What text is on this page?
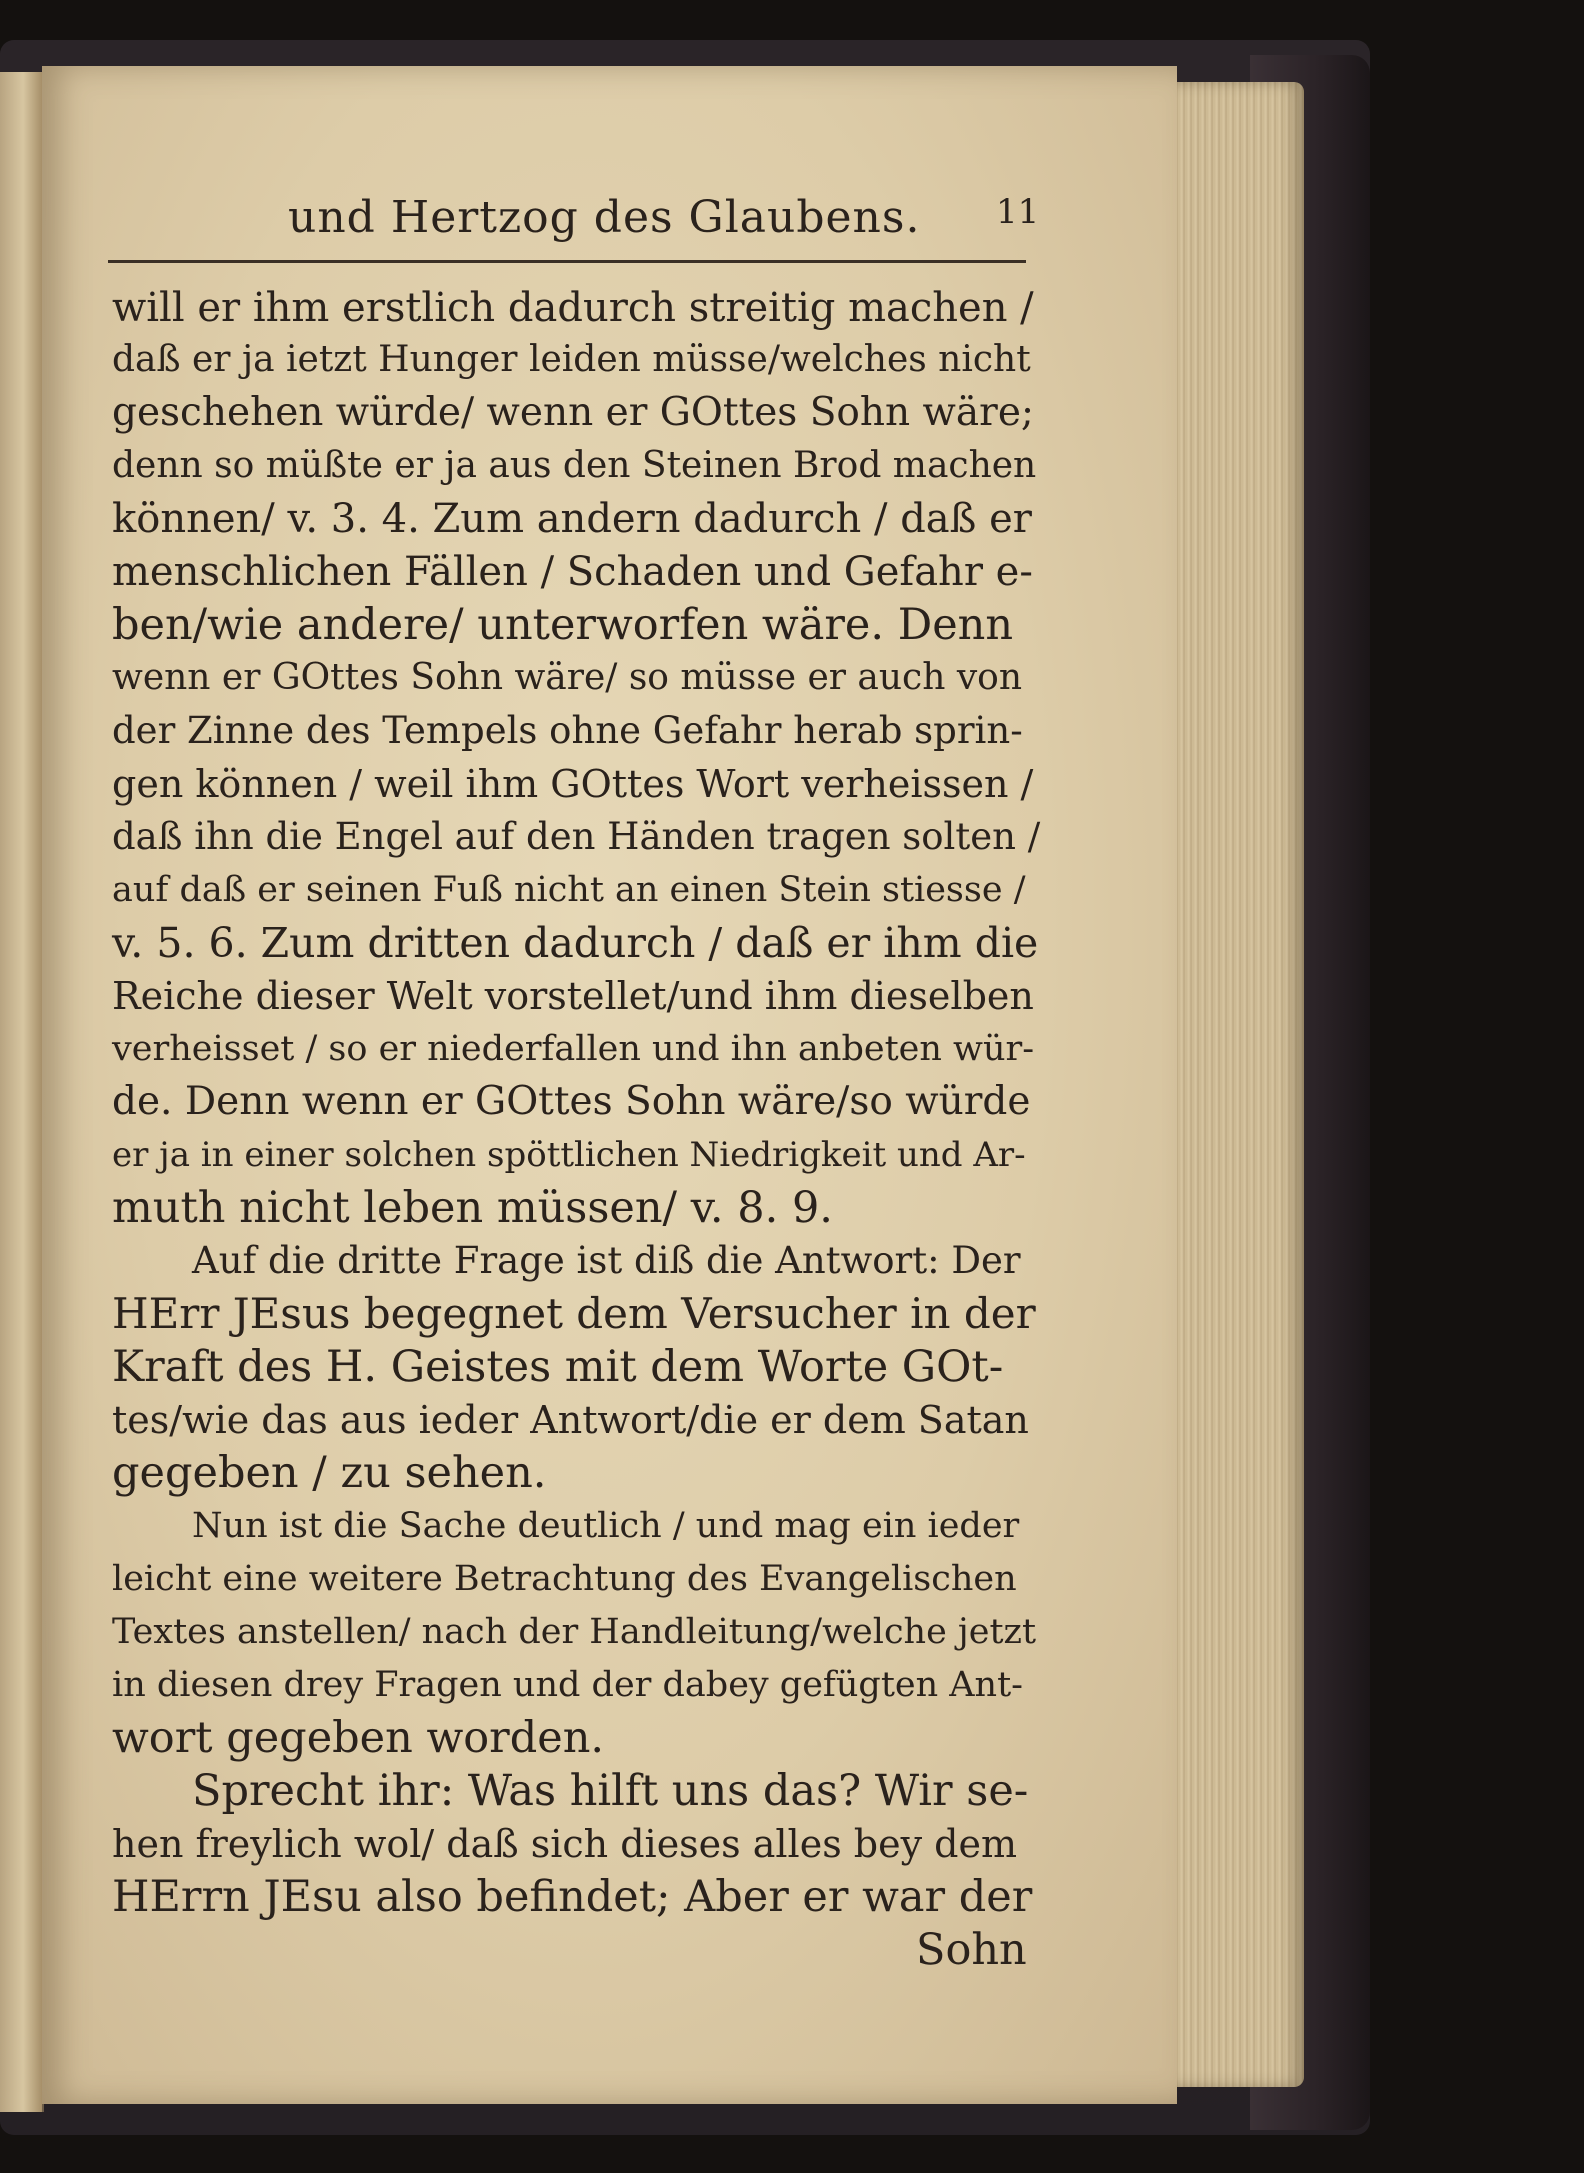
und Hertzog des Glaubens. 11

will er ihm erstlich dadurch streitig machen /

daß er ja ietzt Hunger leiden müsse/welches nicht

geschehen würde/ wenn er GOttes Sohn wäre;

denn so müßte er ja aus den Steinen Brod machen

können/ v. 3. 4. Zum andern dadurch / daß er

menschlichen Fällen / Schaden und Gefahr e-

ben/wie andere/ unterworfen wäre. Denn

wenn er GOttes Sohn wäre/ so müsse er auch von

der Zinne des Tempels ohne Gefahr herab sprin-

gen können / weil ihm GOttes Wort verheissen /

daß ihn die Engel auf den Händen tragen solten /

auf daß er seinen Fuß nicht an einen Stein stiesse /

v. 5. 6. Zum dritten dadurch / daß er ihm die

Reiche dieser Welt vorstellet/und ihm dieselben

verheisset / so er niederfallen und ihn anbeten wür-

de. Denn wenn er GOttes Sohn wäre/so würde

er ja in einer solchen spöttlichen Niedrigkeit und Ar-

muth nicht leben müssen/ v. 8. 9.

Auf die dritte Frage ist diß die Antwort: Der

HErr JEsus begegnet dem Versucher in der

Kraft des H. Geistes mit dem Worte GOt-

tes/wie das aus ieder Antwort/die er dem Satan

gegeben / zu sehen.

Nun ist die Sache deutlich / und mag ein ieder

leicht eine weitere Betrachtung des Evangelischen

Textes anstellen/ nach der Handleitung/welche jetzt

in diesen drey Fragen und der dabey gefügten Ant-

wort gegeben worden.

Sprecht ihr: Was hilft uns das? Wir se-

hen freylich wol/ daß sich dieses alles bey dem

HErrn JEsu also befindet; Aber er war der

Sohn
